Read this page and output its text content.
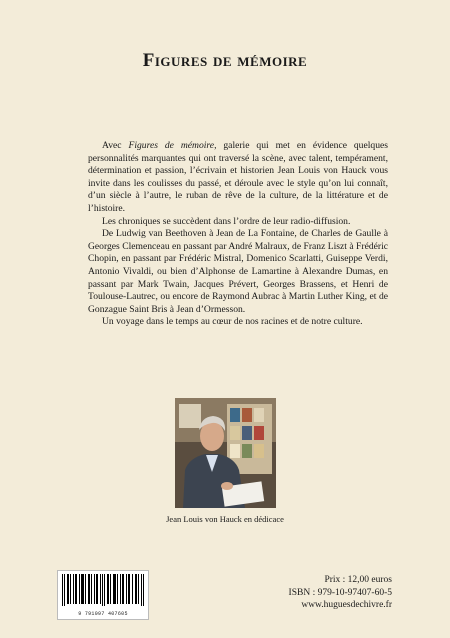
Figures de mémoire

Avec Figures de mémoire, galerie qui met en évidence quelques personnalités marquantes qui ont traversé la scène, avec talent, tempérament, détermination et passion, l’écrivain et historien Jean Louis von Hauck vous invite dans les coulisses du passé, et déroule avec le style qu’on lui connaît, d’un siècle à l’autre, le ruban de rêve de la culture, de la littérature et de l’histoire.

Les chroniques se succèdent dans l’ordre de leur radio-diffusion.

De Ludwig van Beethoven à Jean de La Fontaine, de Charles de Gaulle à Georges Clemenceau en passant par André Malraux, de Franz Liszt à Frédéric Chopin, en passant par Frédéric Mistral, Domenico Scarlatti, Guiseppe Verdi, Antonio Vivaldi, ou bien d’Alphonse de Lamartine à Alexandre Dumas, en passant par Mark Twain, Jacques Prévert, Georges Brassens, et Henri de Toulouse-Lautrec, ou encore de Raymond Aubrac à Martin Luther King, et de Gonzague Saint Bris à Jean d’Ormesson.

Un voyage dans le temps au cœur de nos racines et de notre culture.

Jean Louis von Hauck en dédicace
9 791097 407605
Prix : 12,00 euros
ISBN : 979-10-97407-60-5
www.huguesdechivre.fr
